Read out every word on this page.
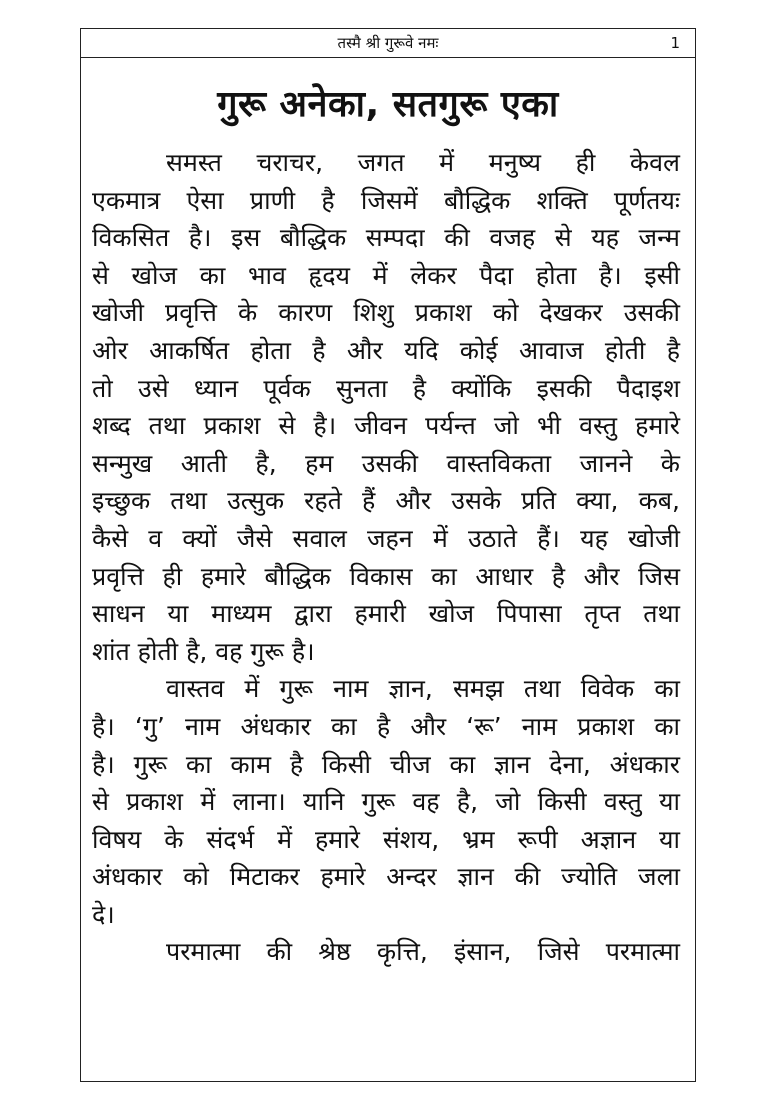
तस्मै श्री गुरूवे नमः	1
गुरू अनेका, सतगुरू एका
समस्त चराचर, जगत में मनुष्य ही केवल
एकमात्र ऐसा प्राणी है जिसमें बौद्धिक शक्ति पूर्णतयः
विकसित है। इस बौद्धिक सम्पदा की वजह से यह जन्म
से खोज का भाव हृदय में लेकर पैदा होता है। इसी
खोजी प्रवृत्ति के कारण शिशु प्रकाश को देखकर उसकी
ओर आकर्षित होता है और यदि कोई आवाज होती है
तो उसे ध्यान पूर्वक सुनता है क्योंकि इसकी पैदाइश
शब्द तथा प्रकाश से है। जीवन पर्यन्त जो भी वस्तु हमारे
सन्मुख आती है, हम उसकी वास्तविकता जानने के
इच्छुक तथा उत्सुक रहते हैं और उसके प्रति क्या, कब,
कैसे व क्यों जैसे सवाल जहन में उठाते हैं। यह खोजी
प्रवृत्ति ही हमारे बौद्धिक विकास का आधार है और जिस
साधन या माध्यम द्वारा हमारी खोज पिपासा तृप्त तथा
शांत होती है, वह गुरू है।
वास्तव में गुरू नाम ज्ञान, समझ तथा विवेक का
है। ‘गु’ नाम अंधकार का है और ‘रू’ नाम प्रकाश का
है। गुरू का काम है किसी चीज का ज्ञान देना, अंधकार
से प्रकाश में लाना। यानि गुरू वह है, जो किसी वस्तु या
विषय के संदर्भ में हमारे संशय, भ्रम रूपी अज्ञान या
अंधकार को मिटाकर हमारे अन्दर ज्ञान की ज्योति जला
दे।
परमात्मा की श्रेष्ठ कृत्ति, इंसान, जिसे परमात्मा
